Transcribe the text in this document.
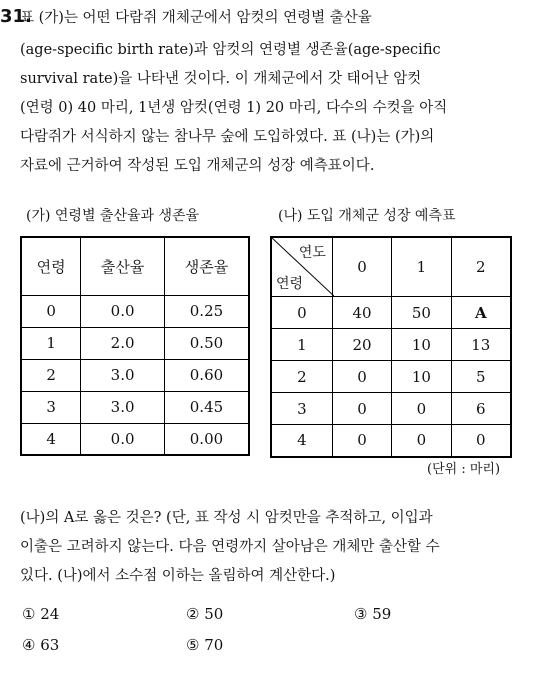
31.
표 (가)는 어떤 다람쥐 개체군에서 암컷의 연령별 출산율
(age-specific birth rate)과 암컷의 연령별 생존율(age-specific
survival rate)을 나타낸 것이다. 이 개체군에서 갓 태어난 암컷
(연령 0) 40 마리, 1년생 암컷(연령 1) 20 마리, 다수의 수컷을 아직
다람쥐가 서식하지 않는 참나무 숲에 도입하였다. 표 (나)는 (가)의
자료에 근거하여 작성된 도입 개체군의 성장 예측표이다.
(가) 연령별 출산율과 생존율	(나) 도입 개체군 성장 예측표
연령	출산율	생존율
0	0.0	0.25
1	2.0	0.50
2	3.0	0.60
3	3.0	0.45
4	0.0	0.00
연도
연령	0	1	2
0	40	50	A
1	20	10	13
2	0	10	5
3	0	0	6
4	0	0	0
(단위 : 마리)
(나)의 A로 옳은 것은? (단, 표 작성 시 암컷만을 추적하고, 이입과
이출은 고려하지 않는다. 다음 연령까지 살아남은 개체만 출산할 수
있다. (나)에서 소수점 이하는 올림하여 계산한다.)
① 24	② 50	③ 59
④ 63	⑤ 70
